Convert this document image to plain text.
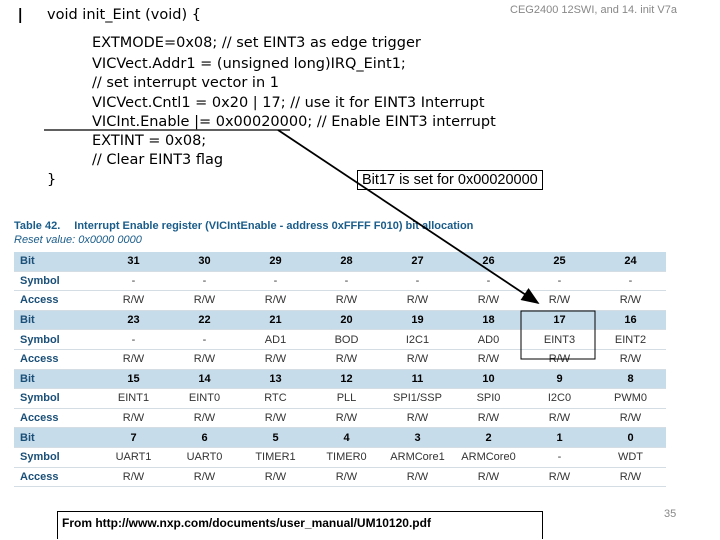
l	CEG2400 12SWI, and 14. init V7a
void init_Eint (void) {
EXTMODE=0x08; // set EINT3 as edge trigger
VICVect.Addr1 = (unsigned long)IRQ_Eint1;
// set interrupt vector in 1
VICVect.Cntl1 = 0x20 | 17; // use it for EINT3 Interrupt
VICInt.Enable |= 0x00020000; // Enable EINT3 interrupt
EXTINT = 0x08;
// Clear EINT3 flag
}	Bit17 is set for 0x00020000
Table 42. Interrupt Enable register (VICIntEnable - address 0xFFFF F010) bit allocation
Reset value: 0x0000 0000
Bit	31	30	29	28	27	26	25	24
Symbol	-	-	-	-	-	-	-	-
Access	R/W	R/W	R/W	R/W	R/W	R/W	R/W	R/W
Bit	23	22	21	20	19	18	17	16
Symbol	-	-	AD1	BOD	I2C1	AD0	EINT3	EINT2
Access	R/W	R/W	R/W	R/W	R/W	R/W	R/W	R/W
Bit	15	14	13	12	11	10	9	8
Symbol	EINT1	EINT0	RTC	PLL	SPI1/SSP	SPI0	I2C0	PWM0
Access	R/W	R/W	R/W	R/W	R/W	R/W	R/W	R/W
Bit	7	6	5	4	3	2	1	0
Symbol	UART1	UART0	TIMER1	TIMER0	ARMCore1	ARMCore0	-	WDT
Access	R/W	R/W	R/W	R/W	R/W	R/W	R/W	R/W
From http://www.nxp.com/documents/user_manual/UM10120.pdf
35
